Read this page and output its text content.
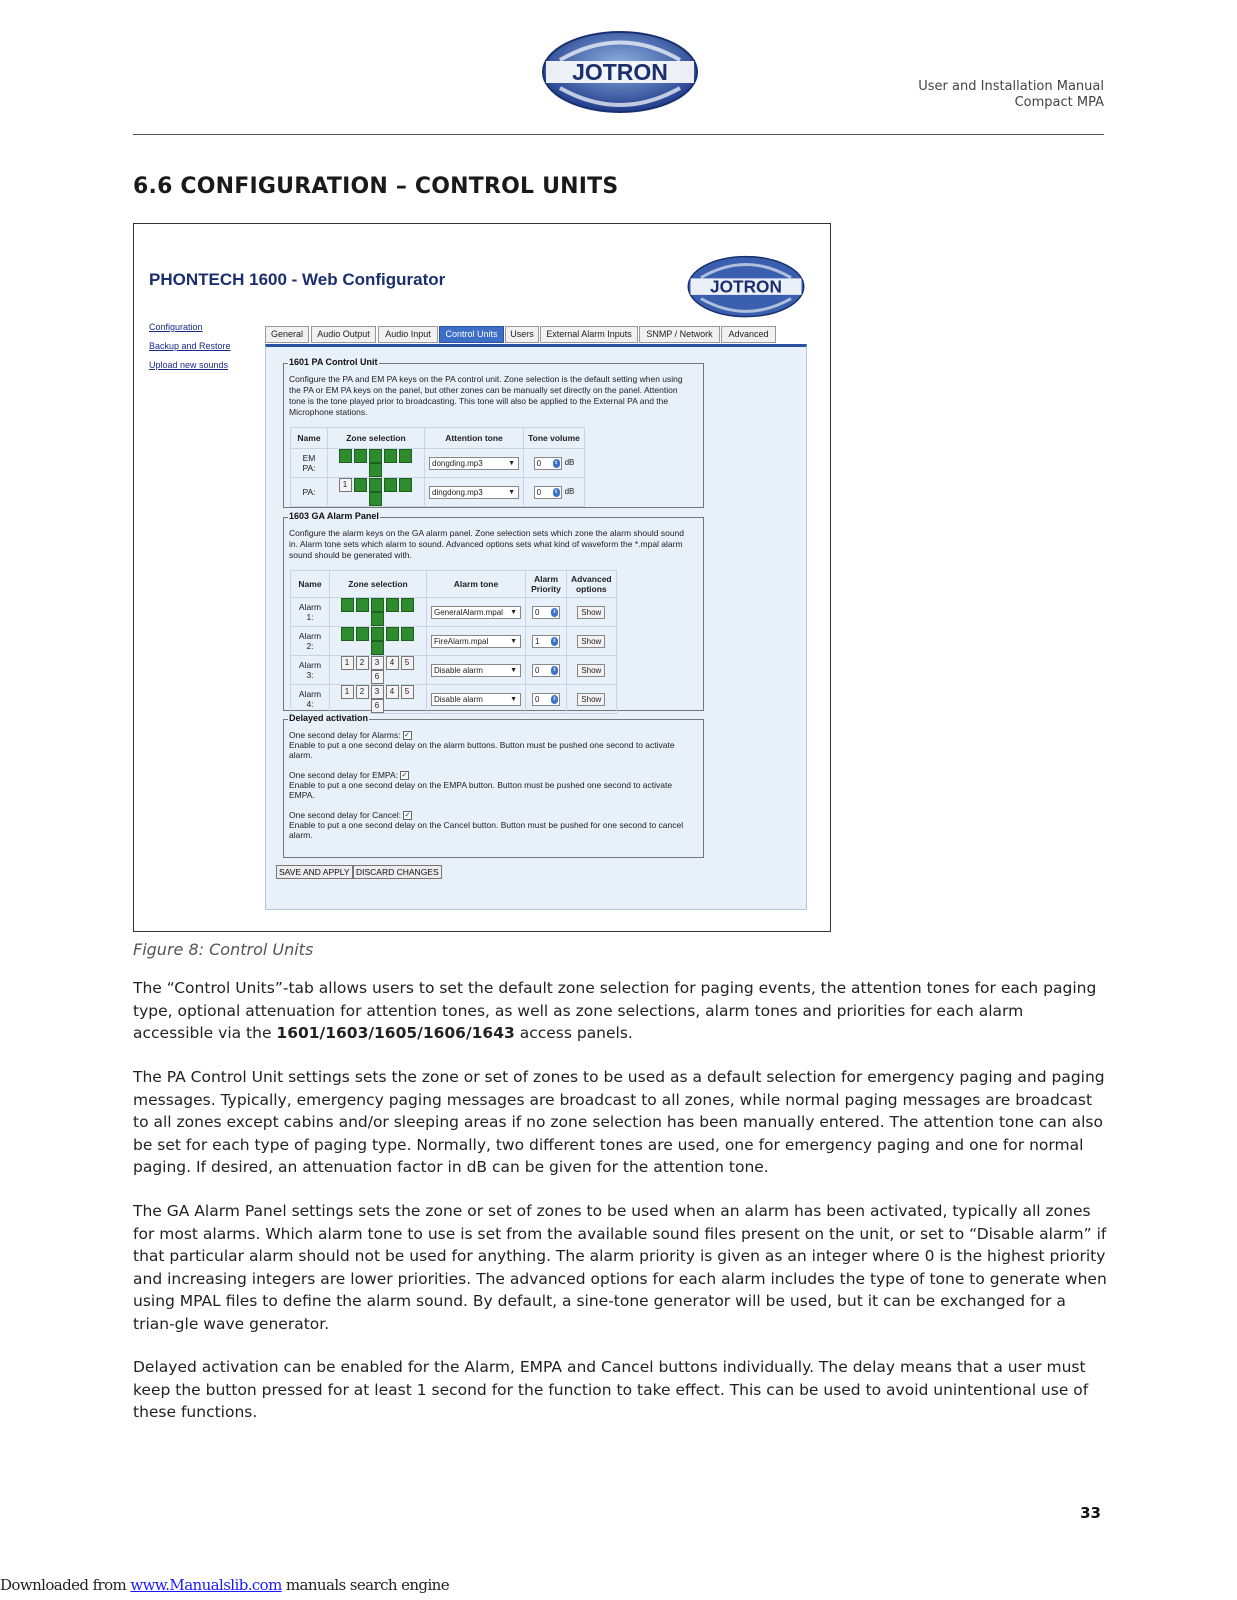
JOTRON
User and Installation Manual
Compact MPA
6.6 CONFIGURATION – CONTROL UNITS
PHONTECH 1600 - Web Configurator	JOTRON
Configuration
Backup and Restore
Upload new sounds
General	Audio Output	Audio Input	Control Units	Users	External Alarm Inputs	SNMP / Network	Advanced
1601 PA Control Unit
Configure the PA and EM PA keys on the PA control unit. Zone selection is the default setting when using the PA or EM PA keys on the panel, but other zones can be manually set directly on the panel. Attention tone is the tone played prior to broadcasting. This tone will also be applied to the External PA and the Microphone stations.
Name	Zone selection	Attention tone	Tone volume
EM PA:	1 2 3 4 56	dongding.mp3 ▼	0 ⇕ dB
PA:	1 2 3 4 56	dingdong.mp3 ▼	0 ⇕ dB
1603 GA Alarm Panel
Configure the alarm keys on the GA alarm panel. Zone selection sets which zone the alarm should sound in. Alarm tone sets which alarm to sound. Advanced options sets what kind of waveform the *.mpal alarm sound should be generated with.
Name	Zone selection	Alarm tone	Alarm Priority	Advanced options
Alarm 1:	1 2 3 4 56	GeneralAlarm.mpal ▼	0 ⇕	Show
Alarm 2:	1 2 3 4 56	FireAlarm.mpal ▼	1 ⇕	Show
Alarm 3:	1 2 3 4 56	Disable alarm ▼	0 ⇕	Show
Alarm 4:	1 2 3 4 56	Disable alarm ▼	0 ⇕	Show
Delayed activation
One second delay for Alarms: ✓
Enable to put a one second delay on the alarm buttons. Button must be pushed one second to activate alarm.
One second delay for EMPA: ✓
Enable to put a one second delay on the EMPA button. Button must be pushed one second to activate EMPA.
One second delay for Cancel: ✓
Enable to put a one second delay on the Cancel button. Button must be pushed for one second to cancel alarm.
SAVE AND APPLY DISCARD CHANGES
Figure 8: Control Units

The “Control Units”-tab allows users to set the default zone selection for paging events, the attention tones for each paging type, optional attenuation for attention tones, as well as zone selections, alarm tones and priorities for each alarm accessible via the 1601/1603/1605/1606/1643 access panels.

The PA Control Unit settings sets the zone or set of zones to be used as a default selection for emergency paging and paging messages. Typically, emergency paging messages are broadcast to all zones, while normal paging messages are broadcast to all zones except cabins and/or sleeping areas if no zone selection has been manually entered. The attention tone can also be set for each type of paging type. Normally, two different tones are used, one for emergency paging and one for normal paging. If desired, an attenuation factor in dB can be given for the attention tone.

The GA Alarm Panel settings sets the zone or set of zones to be used when an alarm has been activated, typically all zones for most alarms. Which alarm tone to use is set from the available sound files present on the unit, or set to “Disable alarm” if that particular alarm should not be used for anything. The alarm priority is given as an integer where 0 is the highest priority and increasing integers are lower priorities. The advanced options for each alarm includes the type of tone to generate when using MPAL files to define the alarm sound. By default, a sine-tone generator will be used, but it can be exchanged for a trian-gle wave generator.

Delayed activation can be enabled for the Alarm, EMPA and Cancel buttons individually. The delay means that a user must keep the button pressed for at least 1 second for the function to take effect. This can be used to avoid unintentional use of these functions.

33
Downloaded from www.Manualslib.com manuals search engine
